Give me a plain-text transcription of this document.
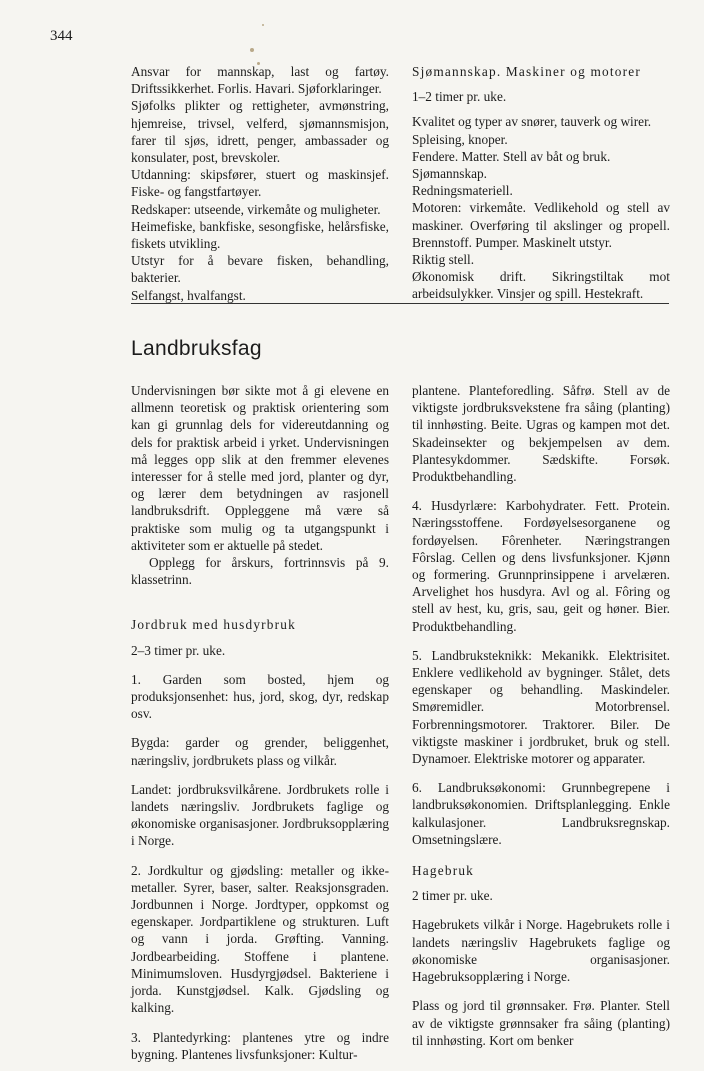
344

Ansvar for mannskap, last og fartøy. Driftssikkerhet. Forlis. Havari. Sjøforklaringer.

Sjøfolks plikter og rettigheter, avmønstring, hjemreise, trivsel, velferd, sjømannsmisjon, farer til sjøs, idrett, penger, ambassader og konsulater, post, brevskoler.

Utdanning: skipsfører, stuert og maskinsjef. Fiske- og fangstfartøyer.

Redskaper: utseende, virkemåte og muligheter.

Heimefiske, bankfiske, sesongfiske, helårsfiske, fiskets utvikling.

Utstyr for å bevare fisken, behandling, bakterier.

Selfangst, hvalfangst.

Sjømannskap. Maskiner og motorer

1–2 timer pr. uke.

Kvalitet og typer av snører, tauverk og wirer.

Spleising, knoper.

Fendere. Matter. Stell av båt og bruk.

Sjømannskap.

Redningsmateriell.

Motoren: virkemåte. Vedlikehold og stell av maskiner. Overføring til akslinger og propell. Brennstoff. Pumper. Maskinelt utstyr.

Riktig stell.

Økonomisk drift. Sikringstiltak mot arbeidsulykker. Vinsjer og spill. Hestekraft.

Landbruksfag

Undervisningen bør sikte mot å gi elevene en allmenn teoretisk og praktisk orientering som kan gi grunnlag dels for videreutdanning og dels for praktisk arbeid i yrket. Undervisningen må legges opp slik at den fremmer elevenes interesser for å stelle med jord, planter og dyr, og lærer dem betydningen av rasjonell landbruksdrift. Oppleggene må være så praktiske som mulig og ta utgangspunkt i aktiviteter som er aktuelle på stedet.

Opplegg for årskurs, fortrinnsvis på 9. klassetrinn.

Jordbruk med husdyrbruk

2–3 timer pr. uke.

1. Garden som bosted, hjem og produksjonsenhet: hus, jord, skog, dyr, redskap osv.

Bygda: garder og grender, beliggenhet, næringsliv, jordbrukets plass og vilkår.

Landet: jordbruksvilkårene. Jordbrukets rolle i landets næringsliv. Jordbrukets faglige og økonomiske organisasjoner. Jordbruksopplæring i Norge.

2. Jordkultur og gjødsling: metaller og ikke-metaller. Syrer, baser, salter. Reaksjonsgraden. Jordbunnen i Norge. Jordtyper, oppkomst og egenskaper. Jordpartiklene og strukturen. Luft og vann i jorda. Grøfting. Vanning. Jordbearbeiding. Stoffene i plantene. Minimumsloven. Husdyrgjødsel. Bakteriene i jorda. Kunstgjødsel. Kalk. Gjødsling og kalking.

3. Plantedyrking: plantenes ytre og indre bygning. Plantenes livsfunksjoner: Kultur-

plantene. Planteforedling. Såfrø. Stell av de viktigste jordbruksvekstene fra såing (planting) til innhøsting. Beite. Ugras og kampen mot det. Skadeinsekter og bekjempelsen av dem. Plantesykdommer. Sædskifte. Forsøk. Produktbehandling.

4. Husdyrlære: Karbohydrater. Fett. Protein. Næringsstoffene. Fordøyelsesorganene og fordøyelsen. Fôrenheter. Næringstrangen Fôrslag. Cellen og dens livsfunksjoner. Kjønn og formering. Grunnprinsippene i arvelæren. Arvelighet hos husdyra. Avl og al. Fôring og stell av hest, ku, gris, sau, geit og høner. Bier. Produktbehandling.

5. Landbruksteknikk: Mekanikk. Elektrisitet. Enklere vedlikehold av bygninger. Stålet, dets egenskaper og behandling. Maskindeler. Smøremidler. Motorbrensel. Forbrenningsmotorer. Traktorer. Biler. De viktigste maskiner i jordbruket, bruk og stell. Dynamoer. Elektriske motorer og apparater.

6. Landbruksøkonomi: Grunnbegrepene i landbruksøkonomien. Driftsplanlegging. Enkle kalkulasjoner. Landbruksregnskap. Omsetningslære.

Hagebruk

2 timer pr. uke.

Hagebrukets vilkår i Norge. Hagebrukets rolle i landets næringsliv Hagebrukets faglige og økonomiske organisasjoner. Hagebruksopplæring i Norge.

Plass og jord til grønnsaker. Frø. Planter. Stell av de viktigste grønnsaker fra såing (planting) til innhøsting. Kort om benker
